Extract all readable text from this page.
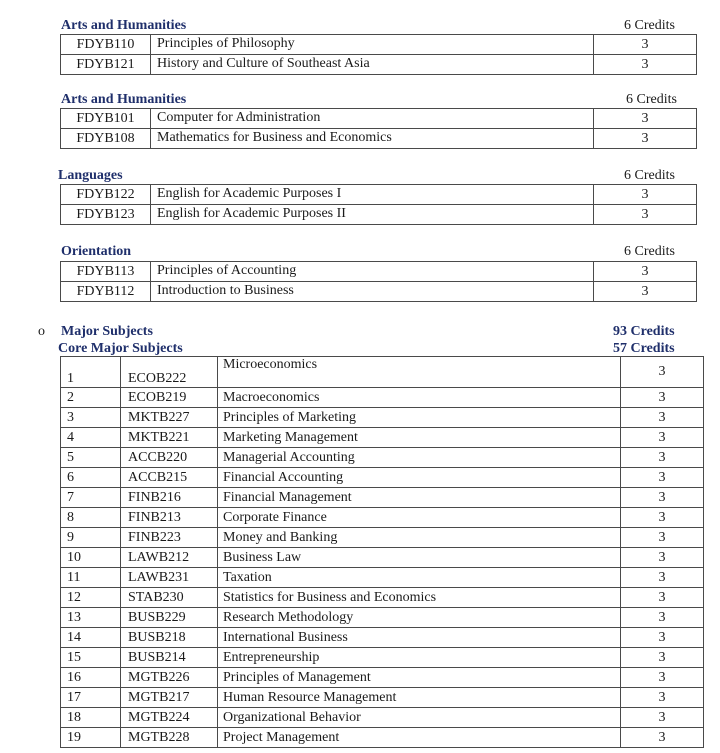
Arts and Humanities	6 Credits
FDYB110	Principles of Philosophy	3
FDYB121	History and Culture of Southeast Asia	3
Arts and Humanities	6 Credits
FDYB101	Computer for Administration	3
FDYB108	Mathematics for Business and Economics	3
Languages	6 Credits
FDYB122	English for Academic Purposes I	3
FDYB123	English for Academic Purposes II	3
Orientation	6 Credits
FDYB113	Principles of Accounting	3
FDYB112	Introduction to Business	3
o Major Subjects	93 Credits
Core Major Subjects	57 Credits
1	ECOB222	Microeconomics	3
2	ECOB219	Macroeconomics	3
3	MKTB227	Principles of Marketing	3
4	MKTB221	Marketing Management	3
5	ACCB220	Managerial Accounting	3
6	ACCB215	Financial Accounting	3
7	FINB216	Financial Management	3
8	FINB213	Corporate Finance	3
9	FINB223	Money and Banking	3
10	LAWB212	Business Law	3
11	LAWB231	Taxation	3
12	STAB230	Statistics for Business and Economics	3
13	BUSB229	Research Methodology	3
14	BUSB218	International Business	3
15	BUSB214	Entrepreneurship	3
16	MGTB226	Principles of Management	3
17	MGTB217	Human Resource Management	3
18	MGTB224	Organizational Behavior	3
19	MGTB228	Project Management	3
